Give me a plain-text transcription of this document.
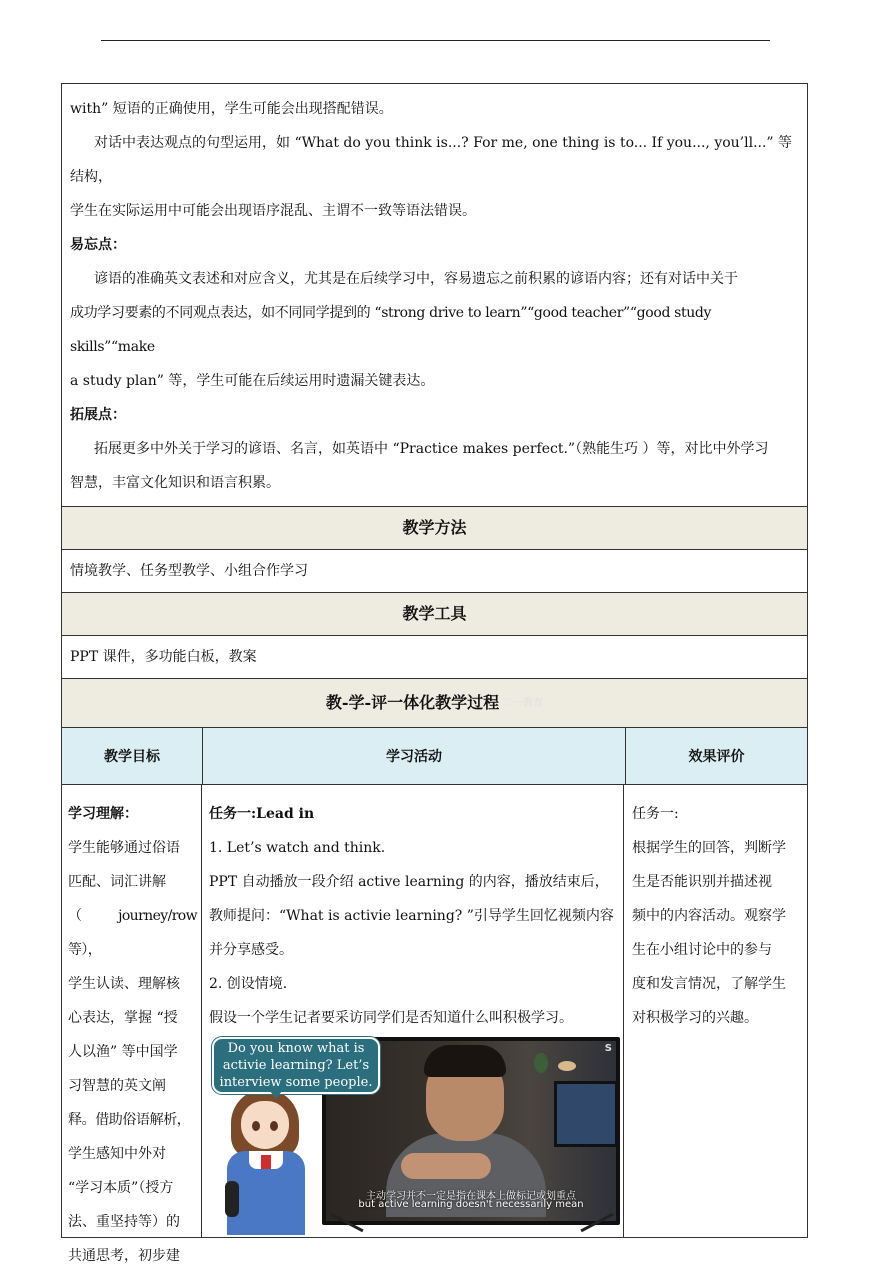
with” 短语的正确使用，学生可能会出现搭配错误。

对话中表达观点的句型运用，如 “What do you think is...? For me, one thing is to... If you..., you’ll...” 等结构，

学生在实际运用中可能会出现语序混乱、主谓不一致等语法错误。

易忘点：

谚语的准确英文表述和对应含义，尤其是在后续学习中，容易遗忘之前积累的谚语内容；还有对话中关于

成功学习要素的不同观点表达，如不同同学提到的 “strong drive to learn”“good teacher”“good study skills”“make

a study plan” 等，学生可能在后续运用时遗漏关键表达。

拓展点：

拓展更多中外关于学习的谚语、名言，如英语中 “Practice makes perfect.”（熟能生巧 ）等，对比中外学习

智慧，丰富文化知识和语言积累。

教学方法
情境教学、任务型教学、小组合作学习
教学工具
PPT 课件，多功能白板，教案
教-学-评一体化教学过程 二一教育
教学目标	学习活动	效果评价

学习理解：

学生能够通过俗语

匹配、词汇讲解

（journey/row 等），

学生认读、理解核

心表达，掌握 “授

人以渔” 等中国学

习智慧的英文阐

释。借助俗语解析，

学生感知中外对

“学习本质”（授方

法、重坚持等）的

共通思考，初步建

任务一:Lead in

1. Let’s watch and think.

PPT 自动播放一段介绍 active learning 的内容，播放结束后，

教师提问：“What is activie learning? ”引导学生回忆视频内容

并分享感受。

2. 创设情境.

假设一个学生记者要采访同学们是否知道什么叫积极学习。

S
主动学习并不一定是指在课本上做标记或划重点
but active learning doesn't necessarily mean
Do you know what is activie learning? Let’s interview some people.

任务一:

根据学生的回答，判断学

生是否能识别并描述视

频中的内容活动。观察学

生在小组讨论中的参与

度和发言情况，了解学生

对积极学习的兴趣。
